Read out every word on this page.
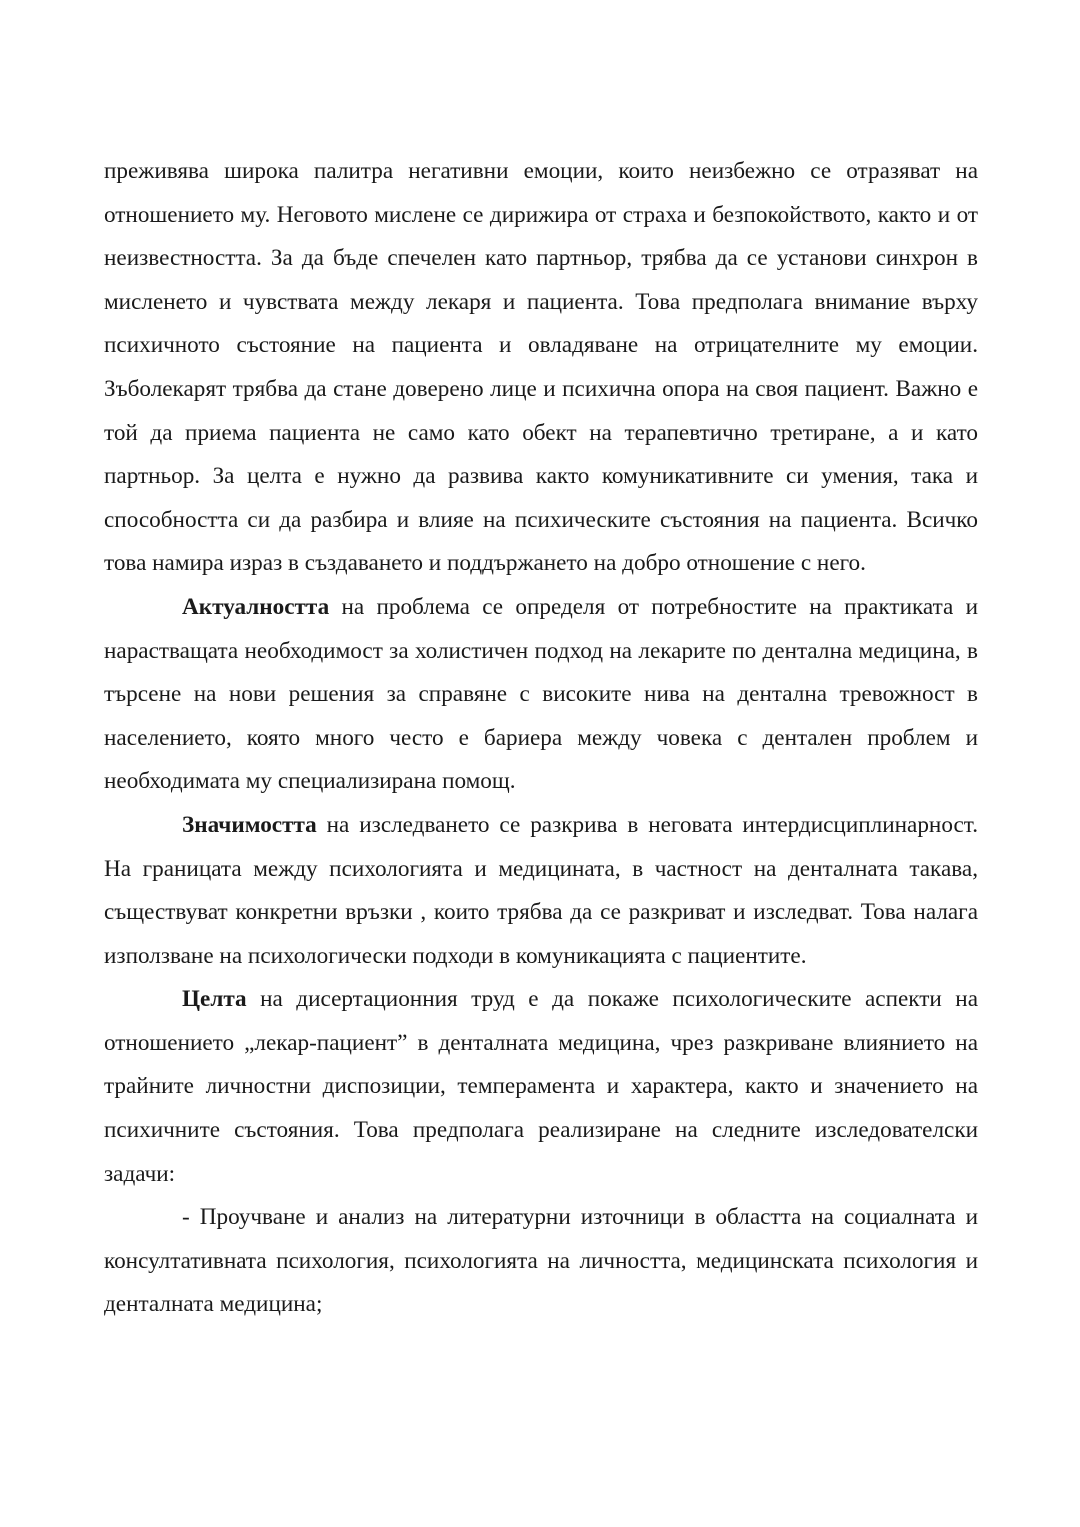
преживява широка палитра негативни емоции, които неизбежно се отразяват на отношението му. Неговото мислене се дирижира от страха и безпокойството, както и от неизвестността. За да бъде спечелен като партньор, трябва да се установи синхрон в мисленето и чувствата между лекаря и пациента. Това предполага внимание върху психичното състояние на пациента и овладяване на отрицателните му емоции. Зъболекарят трябва да стане доверено лице и психична опора на своя пациент. Важно е той да приема пациента не само като обект на терапевтично третиране, а и като партньор. За целта е нужно да развива както комуникативните си умения, така и способността си да разбира и влияе на психическите състояния на пациента. Всичко това намира израз в създаването и поддържането на добро отношение с него.

Актуалността на проблема се определя от потребностите на практиката и нарастващата необходимост за холистичен подход на лекарите по дентална медицина, в търсене на нови решения за справяне с високите нива на дентална тревожност в населението, която много често е бариера между човека с дентален проблем и необходимата му специализирана помощ.

Значимостта на изследването се разкрива в неговата интердисциплинарност. На границата между психологията и медицината, в частност на денталната такава, съществуват конкретни връзки , които трябва да се разкриват и изследват. Това налага използване на психологически подходи в комуникацията с пациентите.

Целта на дисертационния труд е да покаже психологическите аспекти на отношението „лекар-пациент” в денталната медицина, чрез разкриване влиянието на трайните личностни диспозиции, темперамента и характера, както и значението на психичните състояния. Това предполага реализиране на следните изследователски задачи:

- Проучване и анализ на литературни източници в областта на социалната и консултативната психология, психологията на личността, медицинската психология и денталната медицина;
